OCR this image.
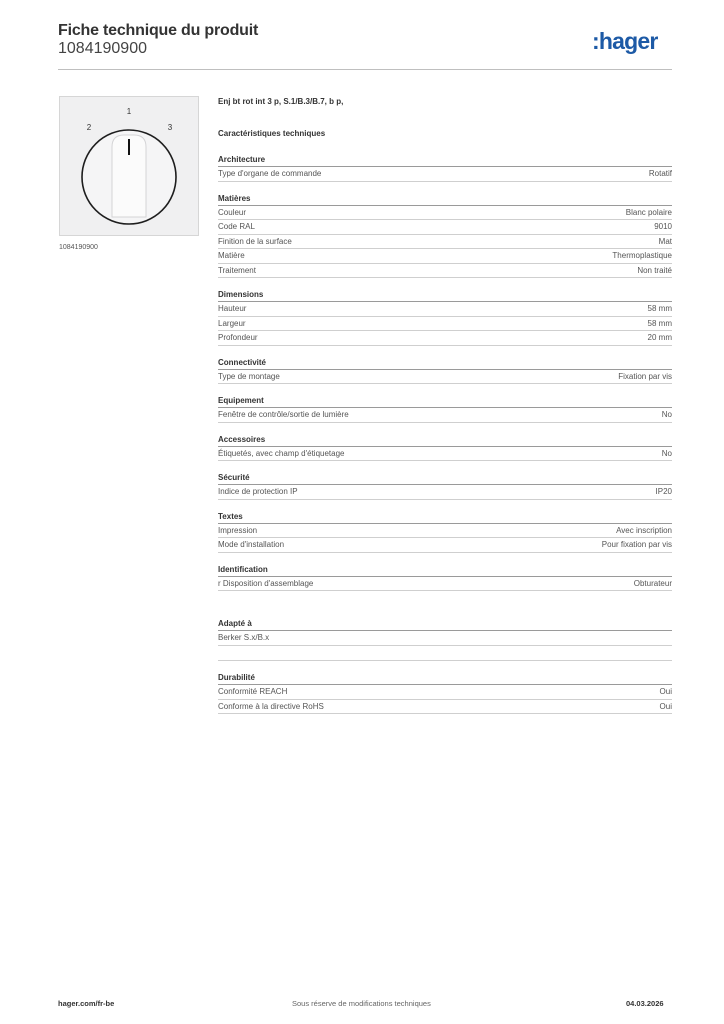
Fiche technique du produit
1084190900	:hager
1
2	3
1084190900
Enj bt rot int 3 p, S.1/B.3/B.7, b p,
Caractéristiques techniques
Architecture
Type d'organe de commande	Rotatif
Matières
Couleur	Blanc polaire
Code RAL	9010
Finition de la surface	Mat
Matière	Thermoplastique
Traitement	Non traité
Dimensions
Hauteur	58 mm
Largeur	58 mm
Profondeur	20 mm
Connectivité
Type de montage	Fixation par vis
Equipement
Fenêtre de contrôle/sortie de lumière	No
Accessoires
Étiquetés, avec champ d'étiquetage	No
Sécurité
Indice de protection IP	IP20
Textes
Impression	Avec inscription
Mode d'installation	Pour fixation par vis
Identification
r Disposition d'assemblage	Obturateur
Adapté à
Berker S.x/B.x
Durabilité
Conformité REACH	Oui
Conforme à la directive RoHS	Oui
hager.com/fr-be	Sous réserve de modifications techniques	04.03.2026
